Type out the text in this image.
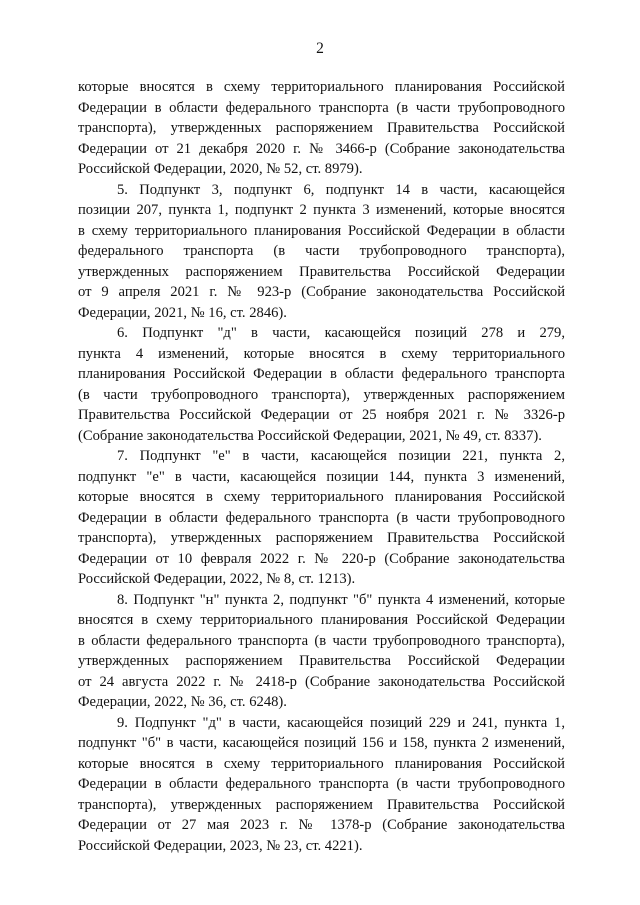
2
которые вносятся в схему территориального планирования Российской
Федерации в области федерального транспорта (в части трубопроводного
транспорта), утвержденных распоряжением Правительства Российской
Федерации от 21 декабря 2020 г. № 3466-р (Собрание законодательства
Российской Федерации, 2020, № 52, ст. 8979).
5. Подпункт 3, подпункт 6, подпункт 14 в части, касающейся
позиции 207, пункта 1, подпункт 2 пункта 3 изменений, которые вносятся
в схему территориального планирования Российской Федерации в области
федерального транспорта (в части трубопроводного транспорта),
утвержденных распоряжением Правительства Российской Федерации
от 9 апреля 2021 г. № 923-р (Собрание законодательства Российской
Федерации, 2021, № 16, ст. 2846).
6. Подпункт "д" в части, касающейся позиций 278 и 279,
пункта 4 изменений, которые вносятся в схему территориального
планирования Российской Федерации в области федерального транспорта
(в части трубопроводного транспорта), утвержденных распоряжением
Правительства Российской Федерации от 25 ноября 2021 г. № 3326-р
(Собрание законодательства Российской Федерации, 2021, № 49, ст. 8337).
7. Подпункт "е" в части, касающейся позиции 221, пункта 2,
подпункт "е" в части, касающейся позиции 144, пункта 3 изменений,
которые вносятся в схему территориального планирования Российской
Федерации в области федерального транспорта (в части трубопроводного
транспорта), утвержденных распоряжением Правительства Российской
Федерации от 10 февраля 2022 г. № 220-р (Собрание законодательства
Российской Федерации, 2022, № 8, ст. 1213).
8. Подпункт "н" пункта 2, подпункт "б" пункта 4 изменений, которые
вносятся в схему территориального планирования Российской Федерации
в области федерального транспорта (в части трубопроводного транспорта),
утвержденных распоряжением Правительства Российской Федерации
от 24 августа 2022 г. № 2418-р (Собрание законодательства Российской
Федерации, 2022, № 36, ст. 6248).
9. Подпункт "д" в части, касающейся позиций 229 и 241, пункта 1,
подпункт "б" в части, касающейся позиций 156 и 158, пункта 2 изменений,
которые вносятся в схему территориального планирования Российской
Федерации в области федерального транспорта (в части трубопроводного
транспорта), утвержденных распоряжением Правительства Российской
Федерации от 27 мая 2023 г. № 1378-р (Собрание законодательства
Российской Федерации, 2023, № 23, ст. 4221).
